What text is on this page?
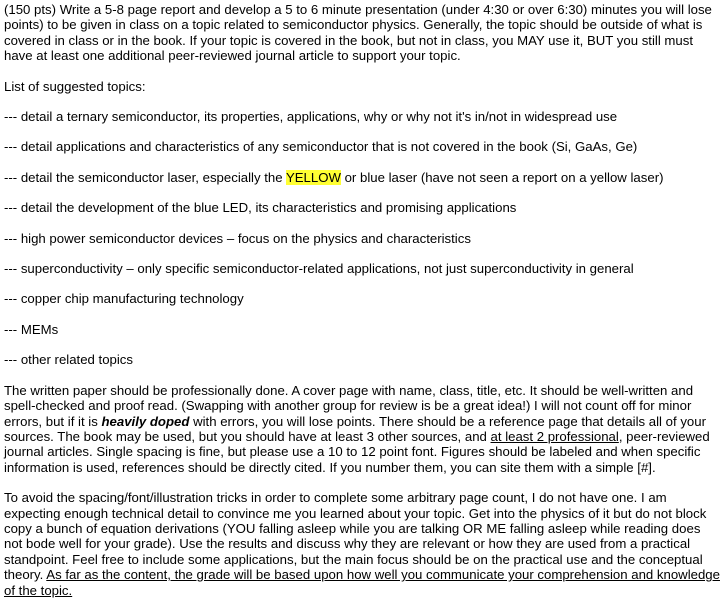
(150 pts) Write a 5-8 page report and develop a 5 to 6 minute presentation (under 4:30 or over 6:30) minutes you will lose points) to be given in class on a topic related to semiconductor physics. Generally, the topic should be outside of what is covered in class or in the book. If your topic is covered in the book, but not in class, you MAY use it, BUT you still must have at least one additional peer-reviewed journal article to support your topic.

List of suggested topics:

--- detail a ternary semiconductor, its properties, applications, why or why not it's in/not in widespread use

--- detail applications and characteristics of any semiconductor that is not covered in the book (Si, GaAs, Ge)

--- detail the semiconductor laser, especially the YELLOW or blue laser (have not seen a report on a yellow laser)

--- detail the development of the blue LED, its characteristics and promising applications

--- high power semiconductor devices – focus on the physics and characteristics

--- superconductivity – only specific semiconductor-related applications, not just superconductivity in general

--- copper chip manufacturing technology

--- MEMs

--- other related topics

The written paper should be professionally done. A cover page with name, class, title, etc. It should be well-written and spell-checked and proof read. (Swapping with another group for review is be a great idea!) I will not count off for minor errors, but if it is heavily doped with errors, you will lose points. There should be a reference page that details all of your sources. The book may be used, but you should have at least 3 other sources, and at least 2 professional, peer-reviewed journal articles. Single spacing is fine, but please use a 10 to 12 point font. Figures should be labeled and when specific information is used, references should be directly cited. If you number them, you can site them with a simple [#].

To avoid the spacing/font/illustration tricks in order to complete some arbitrary page count, I do not have one. I am expecting enough technical detail to convince me you learned about your topic. Get into the physics of it but do not block copy a bunch of equation derivations (YOU falling asleep while you are talking OR ME falling asleep while reading does not bode well for your grade). Use the results and discuss why they are relevant or how they are used from a practical standpoint. Feel free to include some applications, but the main focus should be on the practical use and the conceptual theory. As far as the content, the grade will be based upon how well you communicate your comprehension and knowledge of the topic.
